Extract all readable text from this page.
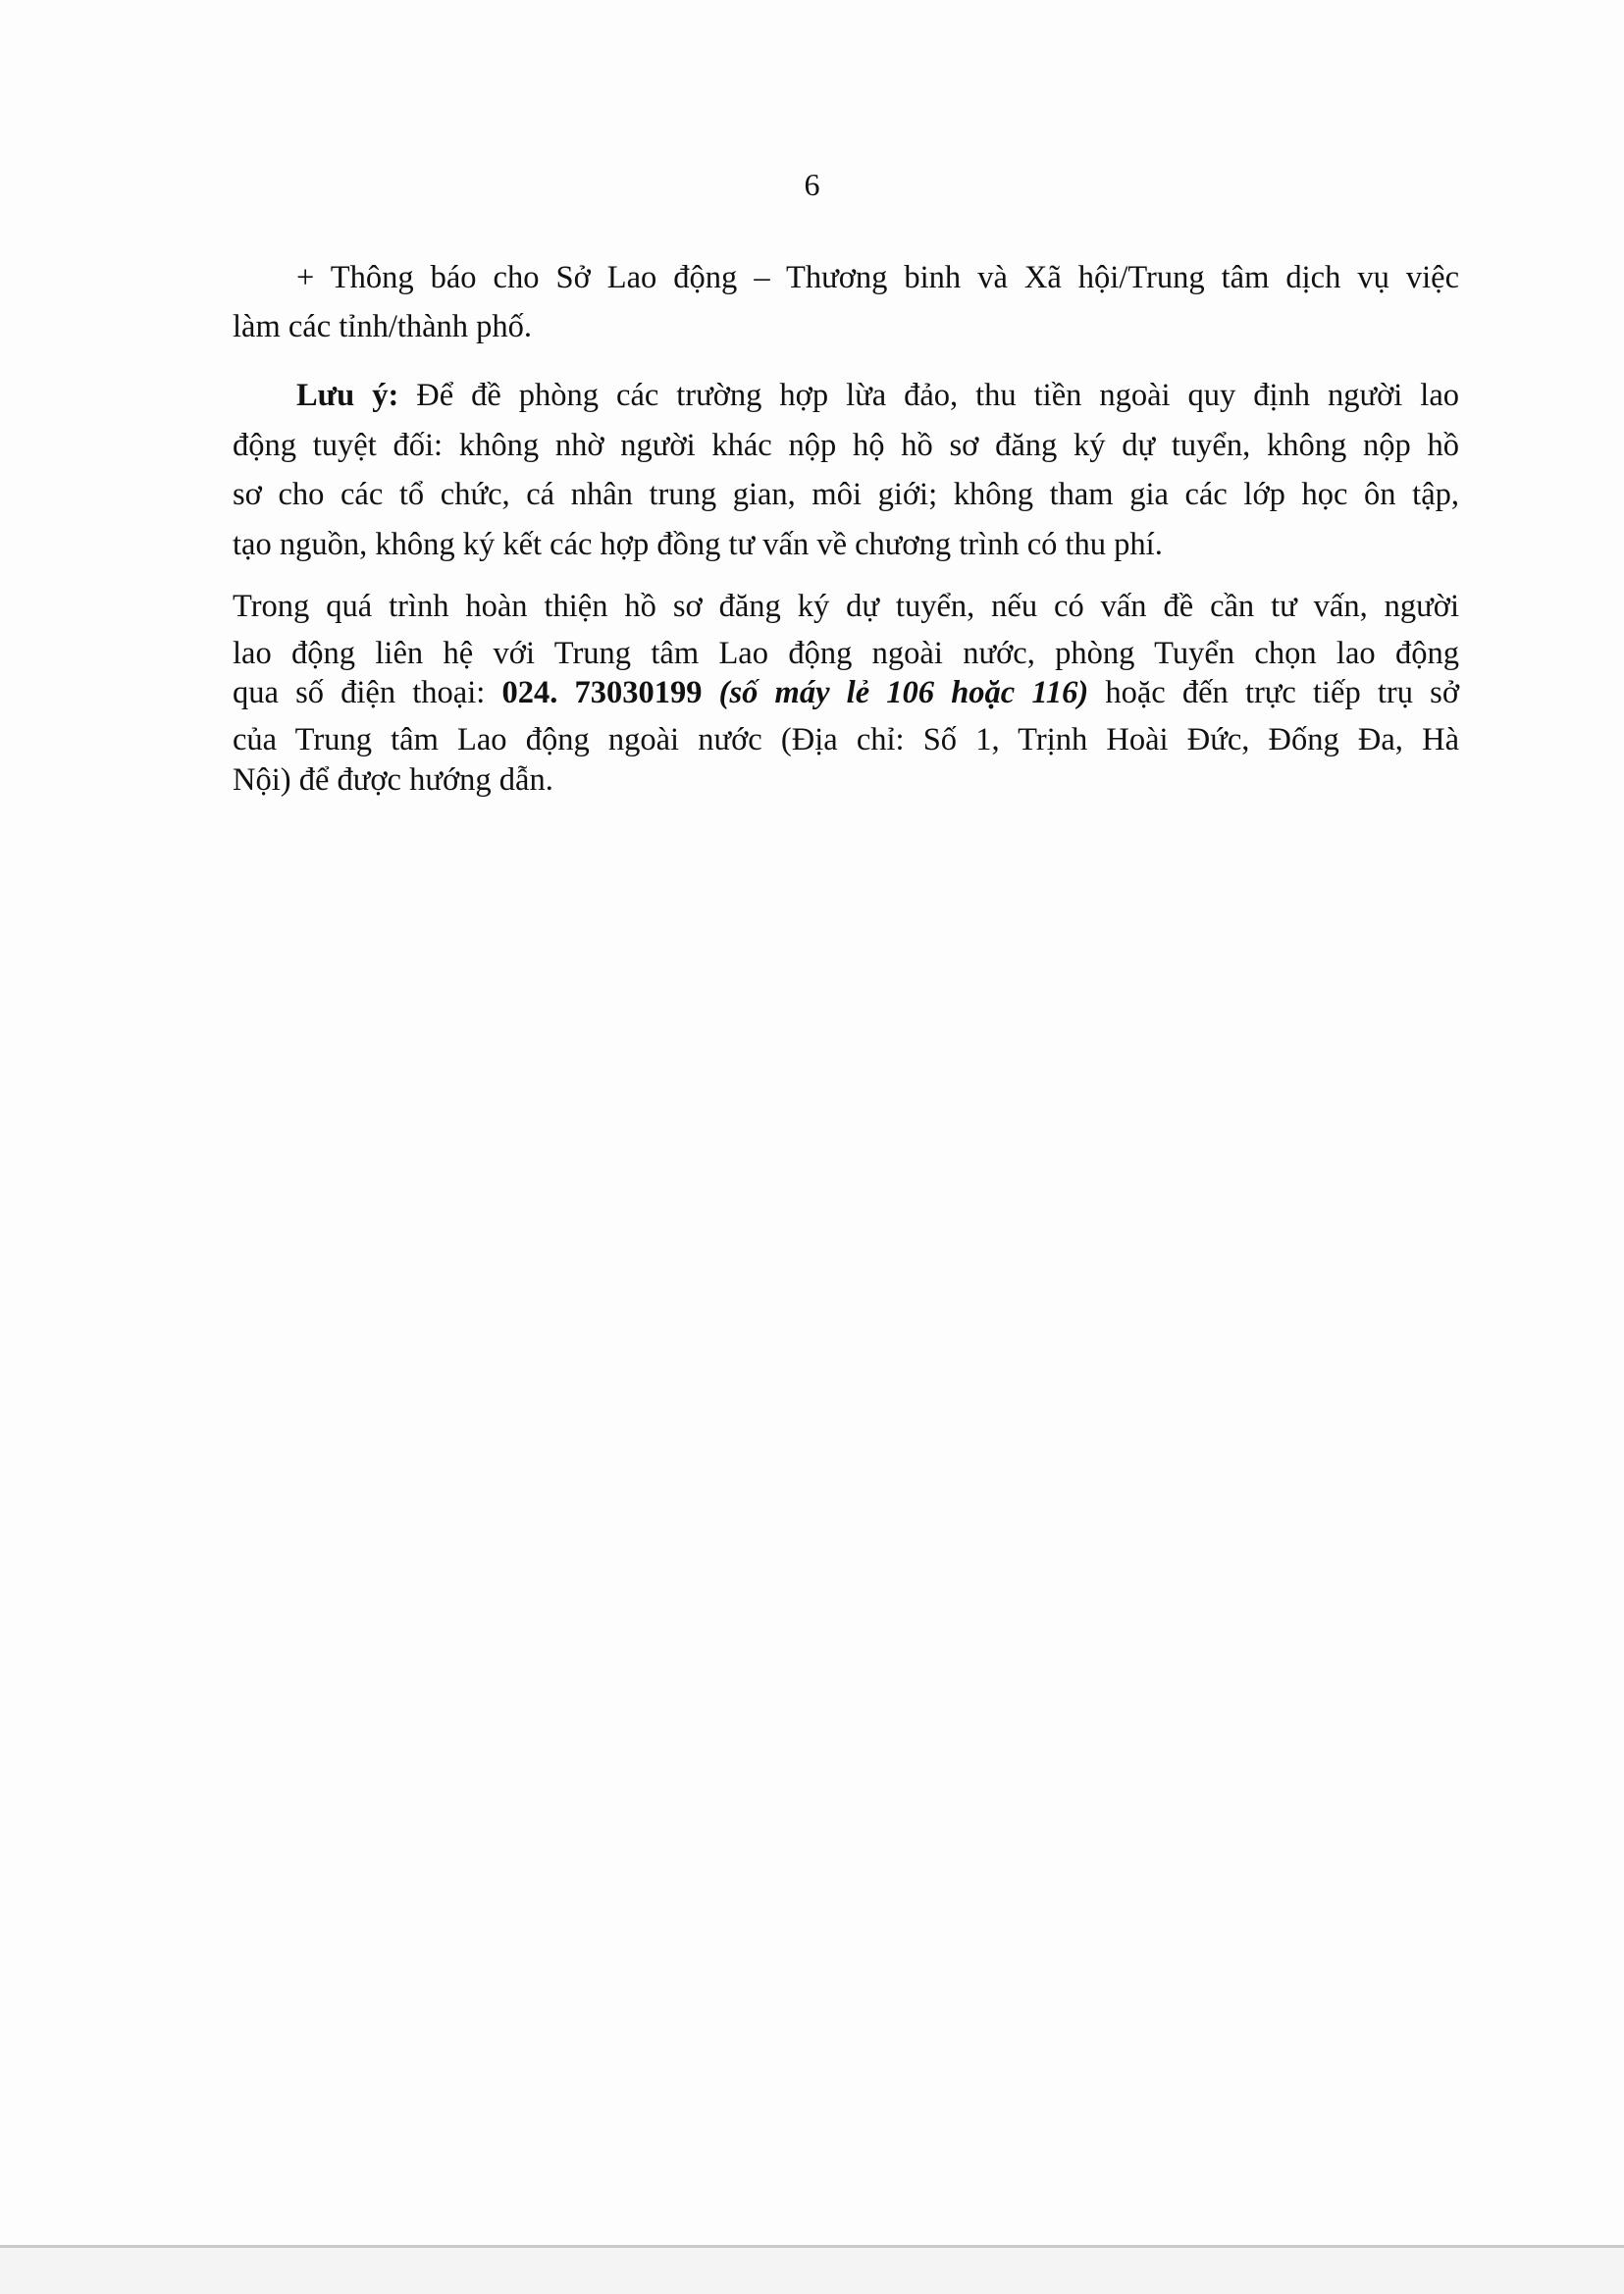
6
+ Thông báo cho Sở Lao động – Thương binh và Xã hội/Trung tâm dịch vụ việc
làm các tỉnh/thành phố.
Lưu ý: Để đề phòng các trường hợp lừa đảo, thu tiền ngoài quy định người lao
động tuyệt đối: không nhờ người khác nộp hộ hồ sơ đăng ký dự tuyển, không nộp hồ
sơ cho các tổ chức, cá nhân trung gian, môi giới; không tham gia các lớp học ôn tập,
tạo nguồn, không ký kết các hợp đồng tư vấn về chương trình có thu phí.
Trong quá trình hoàn thiện hồ sơ đăng ký dự tuyển, nếu có vấn đề cần tư vấn, người
lao động liên hệ với Trung tâm Lao động ngoài nước, phòng Tuyển chọn lao động
qua số điện thoại: 024. 73030199 (số máy lẻ 106 hoặc 116) hoặc đến trực tiếp trụ sở
của Trung tâm Lao động ngoài nước (Địa chỉ: Số 1, Trịnh Hoài Đức, Đống Đa, Hà
Nội) để được hướng dẫn.
